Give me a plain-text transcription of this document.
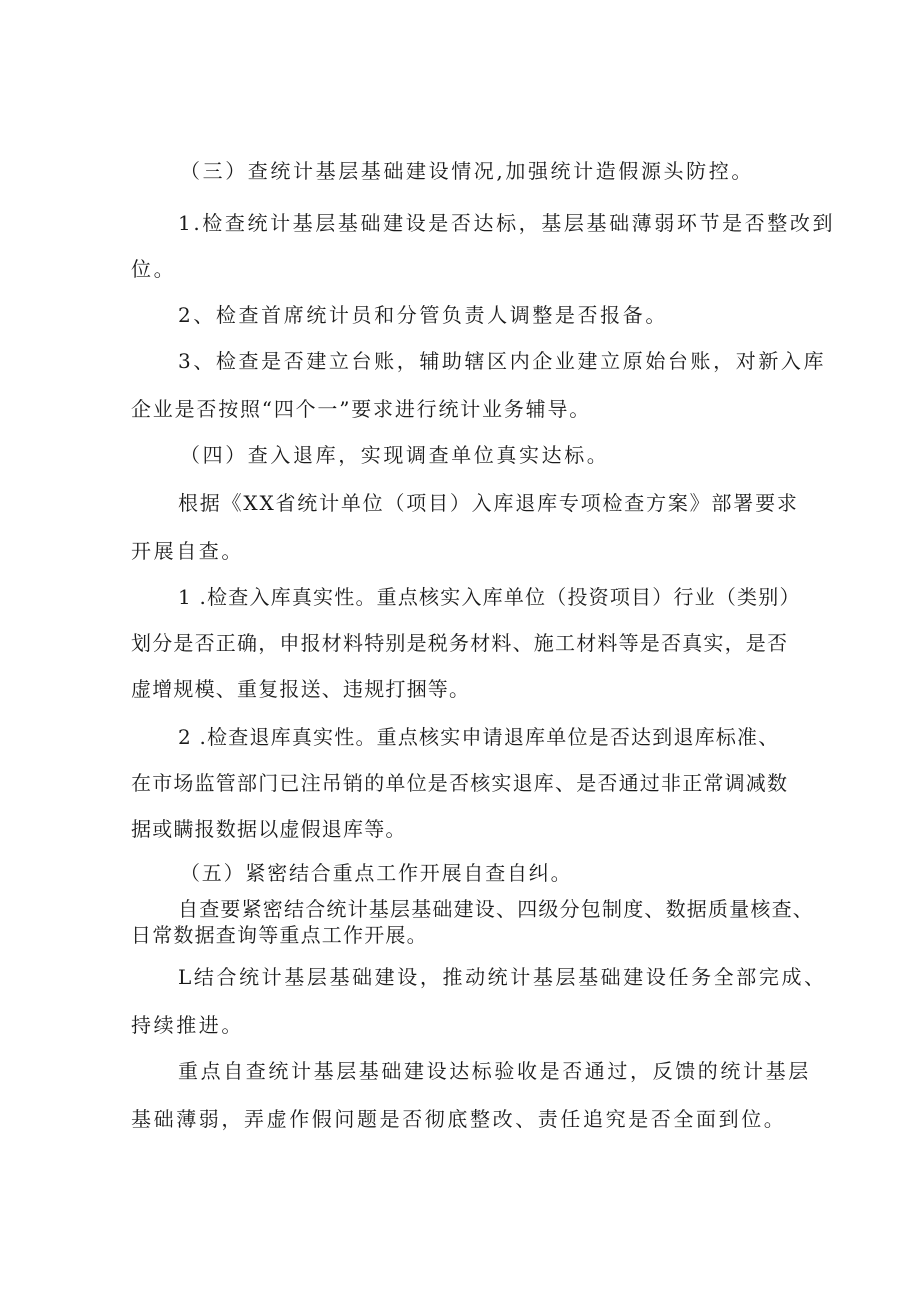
（三）查统计基层基础建设情况,加强统计造假源头防控。
1.检查统计基层基础建设是否达标，基层基础薄弱环节是否整改到
位。
2、检查首席统计员和分管负责人调整是否报备。
3、检查是否建立台账，辅助辖区内企业建立原始台账，对新入库
企业是否按照“四个一”要求进行统计业务辅导。
（四）查入退库，实现调查单位真实达标。
根据《XX省统计单位（项目）入库退库专项检查方案》部署要求
开展自查。
1 .检查入库真实性。重点核实入库单位（投资项目）行业（类别）
划分是否正确，申报材料特别是税务材料、施工材料等是否真实，是否
虚增规模、重复报送、违规打捆等。
2 .检查退库真实性。重点核实申请退库单位是否达到退库标准、
在市场监管部门已注吊销的单位是否核实退库、是否通过非正常调减数
据或瞒报数据以虚假退库等。
（五）紧密结合重点工作开展自查自纠。
自查要紧密结合统计基层基础建设、四级分包制度、数据质量核查、
日常数据查询等重点工作开展。
L结合统计基层基础建设，推动统计基层基础建设任务全部完成、
持续推进。
重点自查统计基层基础建设达标验收是否通过，反馈的统计基层
基础薄弱，弄虚作假问题是否彻底整改、责任追究是否全面到位。
